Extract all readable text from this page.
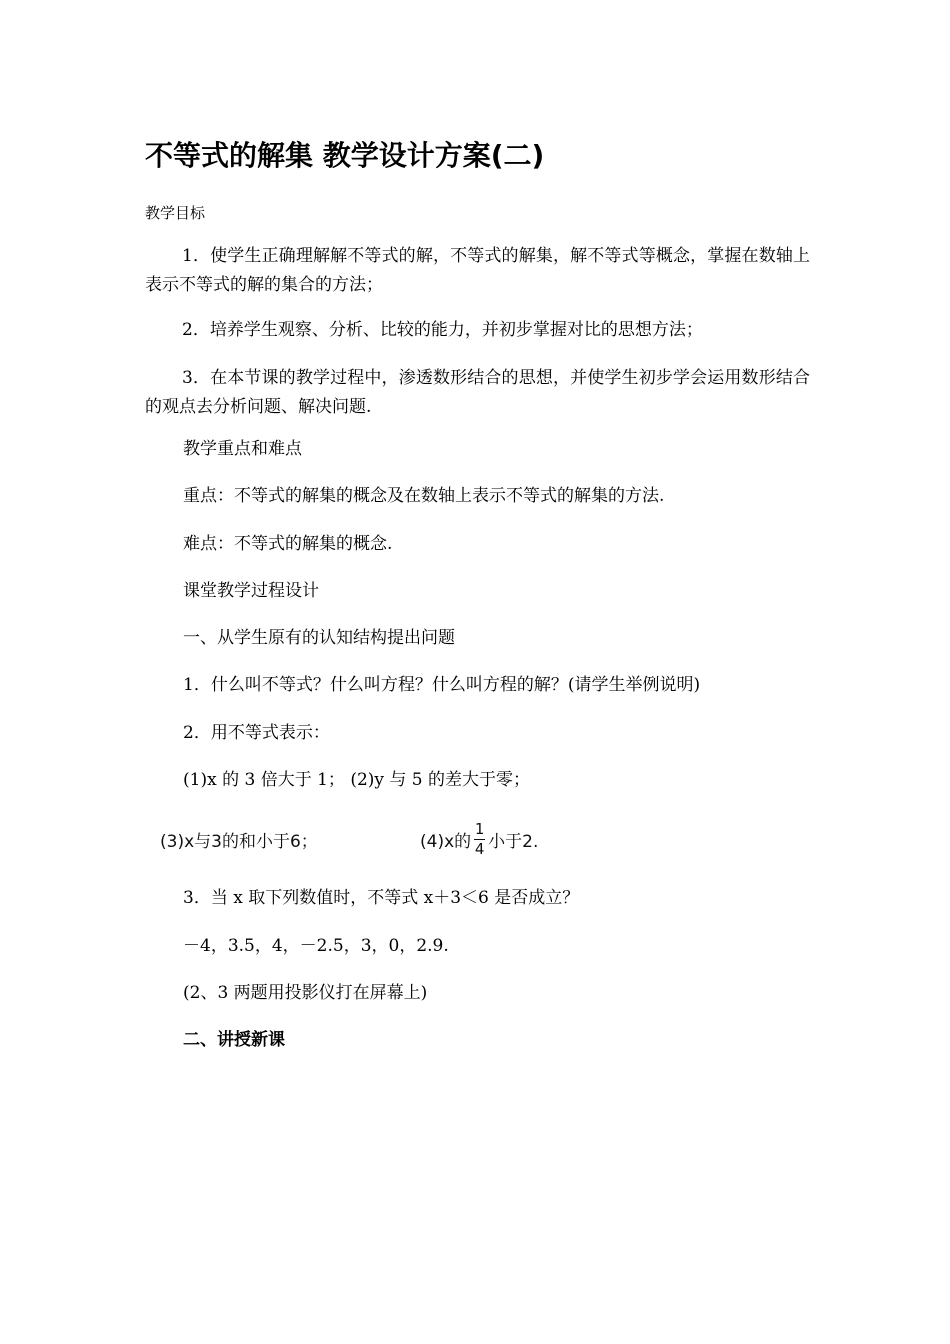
不等式的解集 教学设计方案(二)
教学目标

1．使学生正确理解解不等式的解，不等式的解集，解不等式等概念，掌握在数轴上表示不等式的解的集合的方法；

2．培养学生观察、分析、比较的能力，并初步掌握对比的思想方法；

3．在本节课的教学过程中，渗透数形结合的思想，并使学生初步学会运用数形结合的观点去分析问题、解决问题.

教学重点和难点

重点：不等式的解集的概念及在数轴上表示不等式的解集的方法.

难点：不等式的解集的概念.

课堂教学过程设计

一、从学生原有的认知结构提出问题

1．什么叫不等式？什么叫方程？什么叫方程的解？(请学生举例说明)

2．用不等式表示：

(1)x 的 3 倍大于 1； (2)y 与 5 的差大于零；

(3)x与3的和小于6；	(4)x的 $\frac{1}{4}$ 小于2.

3．当 x 取下列数值时，不等式 x＋3＜6 是否成立？

－4，3.5，4，－2.5，3，0，2.9.

(2、3 两题用投影仪打在屏幕上)

二、讲授新课
